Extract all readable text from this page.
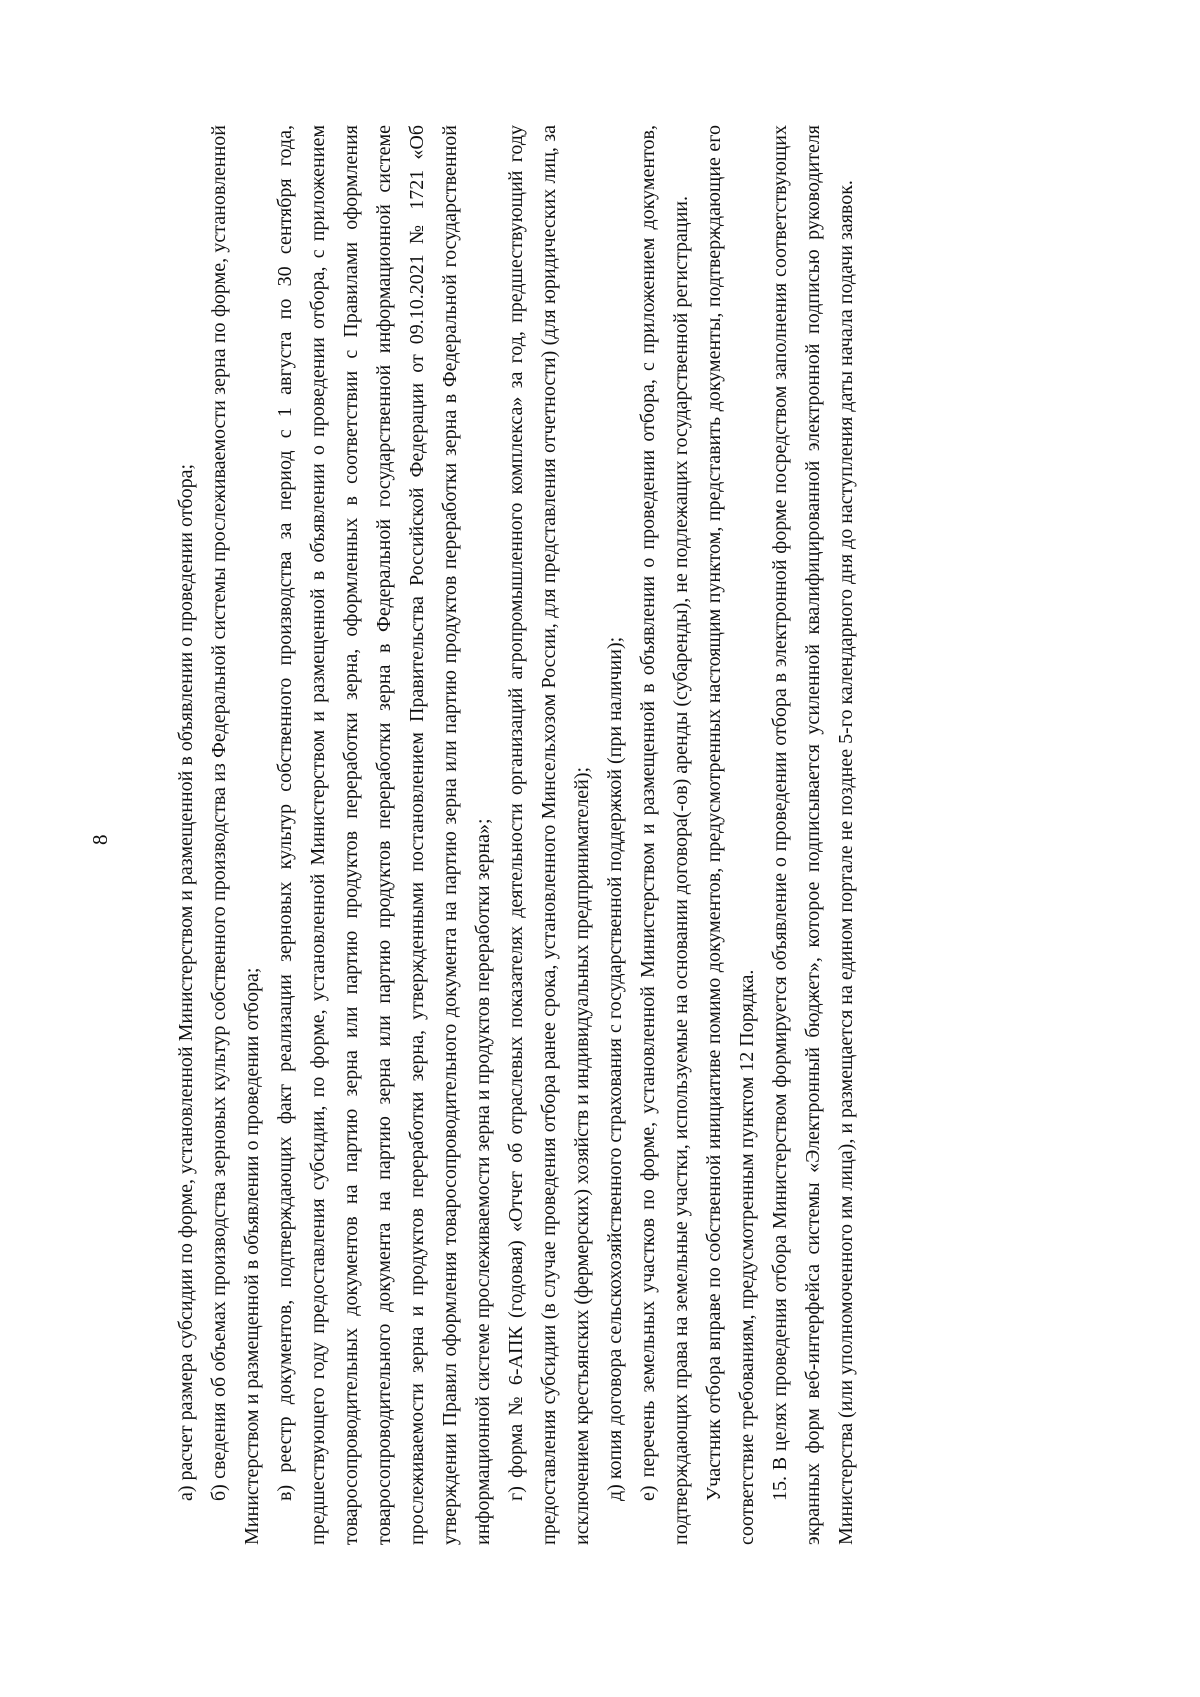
8	а) расчет размера субсидии по форме, установленной Министерством и размещенной в объявлении о проведении отбора; б) сведения об объемах производства зерновых культур собственного производства из Федеральной системы прослеживаемости зерна по форме, установленной Министерством и размещенной в объявлении о проведении отбора; в) реестр документов, подтверждающих факт реализации зерновых культур собственного производства за период с 1 августа по 30 сентября года, предшествующего году предоставления субсидии, по форме, установленной Министерством и размещенной в объявлении о проведении отбора, с приложением товаросопроводительных документов на партию зерна или партию продуктов переработки зерна, оформленных в соответствии с Правилами оформления товаросопроводительного документа на партию зерна или партию продуктов переработки зерна в Федеральной государственной информационной системе прослеживаемости зерна и продуктов переработки зерна, утвержденными постановлением Правительства Российской Федерации от 09.10.2021 № 1721 «Об утверждении Правил оформления товаросопроводительного документа на партию зерна или партию продуктов переработки зерна в Федеральной государственной информационной системе прослеживаемости зерна и продуктов переработки зерна»; г) форма № 6-АПК (годовая) «Отчет об отраслевых показателях деятельности организаций агропромышленного комплекса» за год, предшествующий году предоставления субсидии (в случае проведения отбора ранее срока, установленного Минсельхозом России, для представления отчетности) (для юридических лиц, за исключением крестьянских (фермерских) хозяйств и индивидуальных предпринимателей); д) копия договора сельскохозяйственного страхования с государственной поддержкой (при наличии); е) перечень земельных участков по форме, установленной Министерством и размещенной в объявлении о проведении отбора, с приложением документов, подтверждающих права на земельные участки, используемые на основании договора(-ов) аренды (субаренды), не подлежащих государственной регистрации. Участник отбора вправе по собственной инициативе помимо документов, предусмотренных настоящим пунктом, представить документы, подтверждающие его соответствие требованиям, предусмотренным пунктом 12 Порядка. 15. В целях проведения отбора Министерством формируется объявление о проведении отбора в электронной форме посредством заполнения соответствующих экранных форм веб-интерфейса системы «Электронный бюджет», которое подписывается усиленной квалифицированной электронной подписью руководителя Министерства (или уполномоченного им лица), и размещается на едином портале не позднее 5-го календарного дня до наступления даты начала подачи заявок.
